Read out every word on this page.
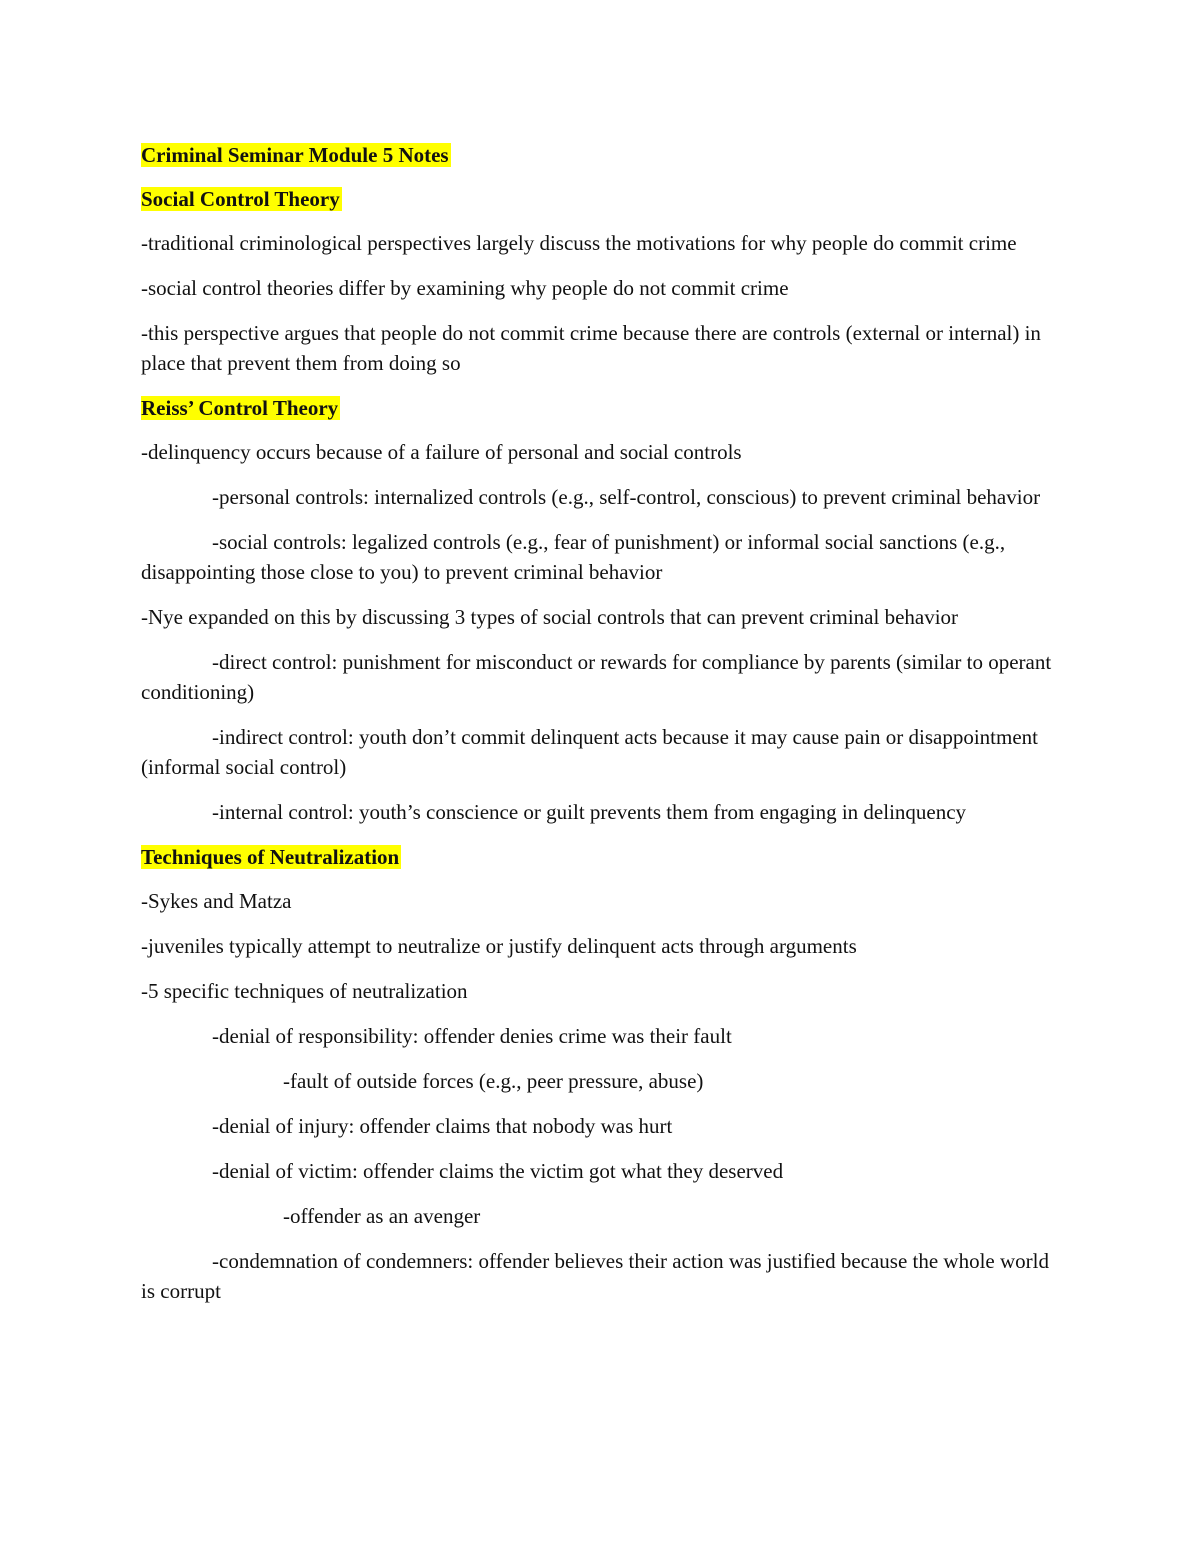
Criminal Seminar Module 5 Notes
Social Control Theory

-traditional criminological perspectives largely discuss the motivations for why people do commit crime

-social control theories differ by examining why people do not commit crime

-this perspective argues that people do not commit crime because there are controls (external or internal) in place that prevent them from doing so

Reiss’ Control Theory

-delinquency occurs because of a failure of personal and social controls

-personal controls: internalized controls (e.g., self-control, conscious) to prevent criminal behavior

-social controls: legalized controls (e.g., fear of punishment) or informal social sanctions (e.g., disappointing those close to you) to prevent criminal behavior

-Nye expanded on this by discussing 3 types of social controls that can prevent criminal behavior

-direct control: punishment for misconduct or rewards for compliance by parents (similar to operant conditioning)

-indirect control: youth don’t commit delinquent acts because it may cause pain or disappointment (informal social control)

-internal control: youth’s conscience or guilt prevents them from engaging in delinquency

Techniques of Neutralization

-Sykes and Matza

-juveniles typically attempt to neutralize or justify delinquent acts through arguments

-5 specific techniques of neutralization

-denial of responsibility: offender denies crime was their fault

-fault of outside forces (e.g., peer pressure, abuse)

-denial of injury: offender claims that nobody was hurt

-denial of victim: offender claims the victim got what they deserved

-offender as an avenger

-condemnation of condemners: offender believes their action was justified because the whole world is corrupt
